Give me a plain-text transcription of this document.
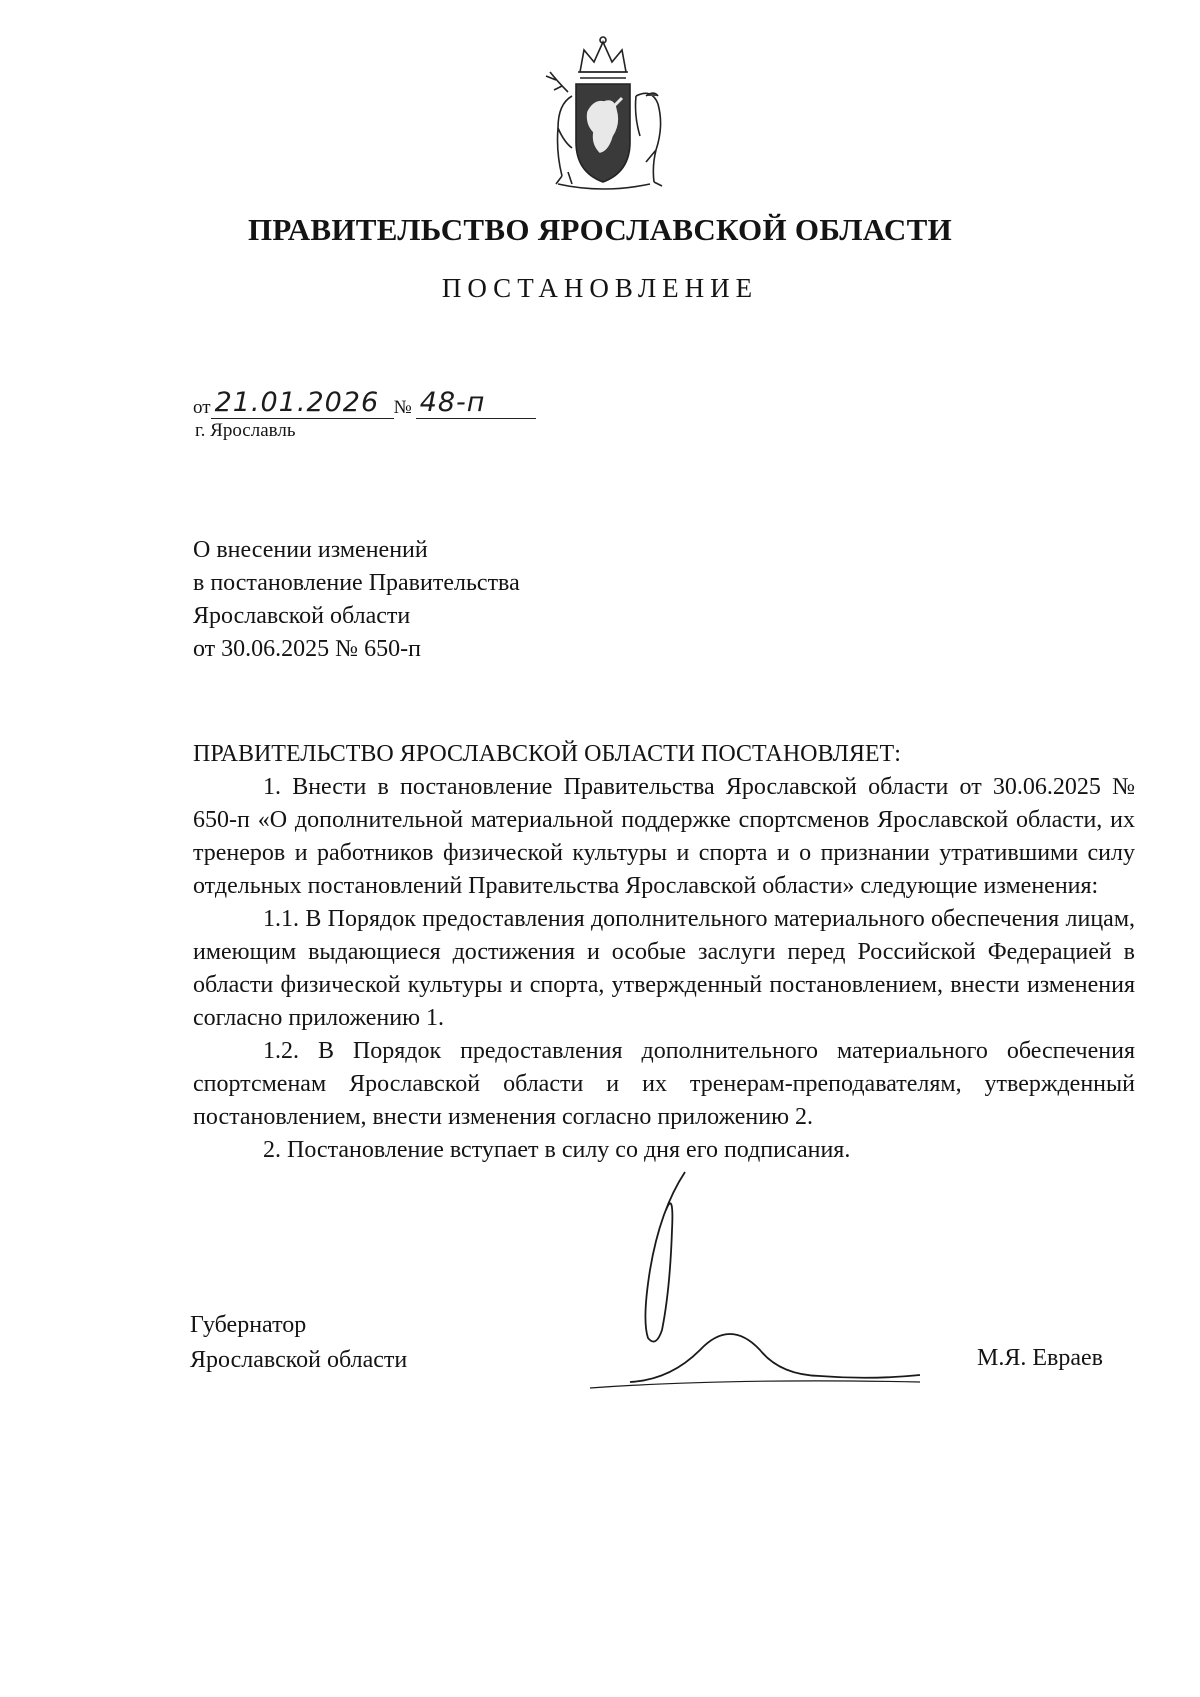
ПРАВИТЕЛЬСТВО ЯРОСЛАВСКОЙ ОБЛАСТИ
ПОСТАНОВЛЕНИЕ
от 21.01.2026 № 48-п
г. Ярославль
О внесении изменений
в постановление Правительства
Ярославской области
от 30.06.2025 № 650-п

ПРАВИТЕЛЬСТВО ЯРОСЛАВСКОЙ ОБЛАСТИ ПОСТАНОВЛЯЕТ:

1. Внести в постановление Правительства Ярославской области от 30.06.2025 № 650-п «О дополнительной материальной поддержке спортсменов Ярославской области, их тренеров и работников физической культуры и спорта и о признании утратившими силу отдельных постановлений Правительства Ярославской области» следующие изменения:

1.1. В Порядок предоставления дополнительного материального обеспечения лицам, имеющим выдающиеся достижения и особые заслуги перед Российской Федерацией в области физической культуры и спорта, утвержденный постановлением, внести изменения согласно приложению 1.

1.2. В Порядок предоставления дополнительного материального обеспечения спортсменам Ярославской области и их тренерам-преподавателям, утвержденный постановлением, внести изменения согласно приложению 2.

2. Постановление вступает в силу со дня его подписания.

Губернатор
Ярославской области	М.Я. Евраев
